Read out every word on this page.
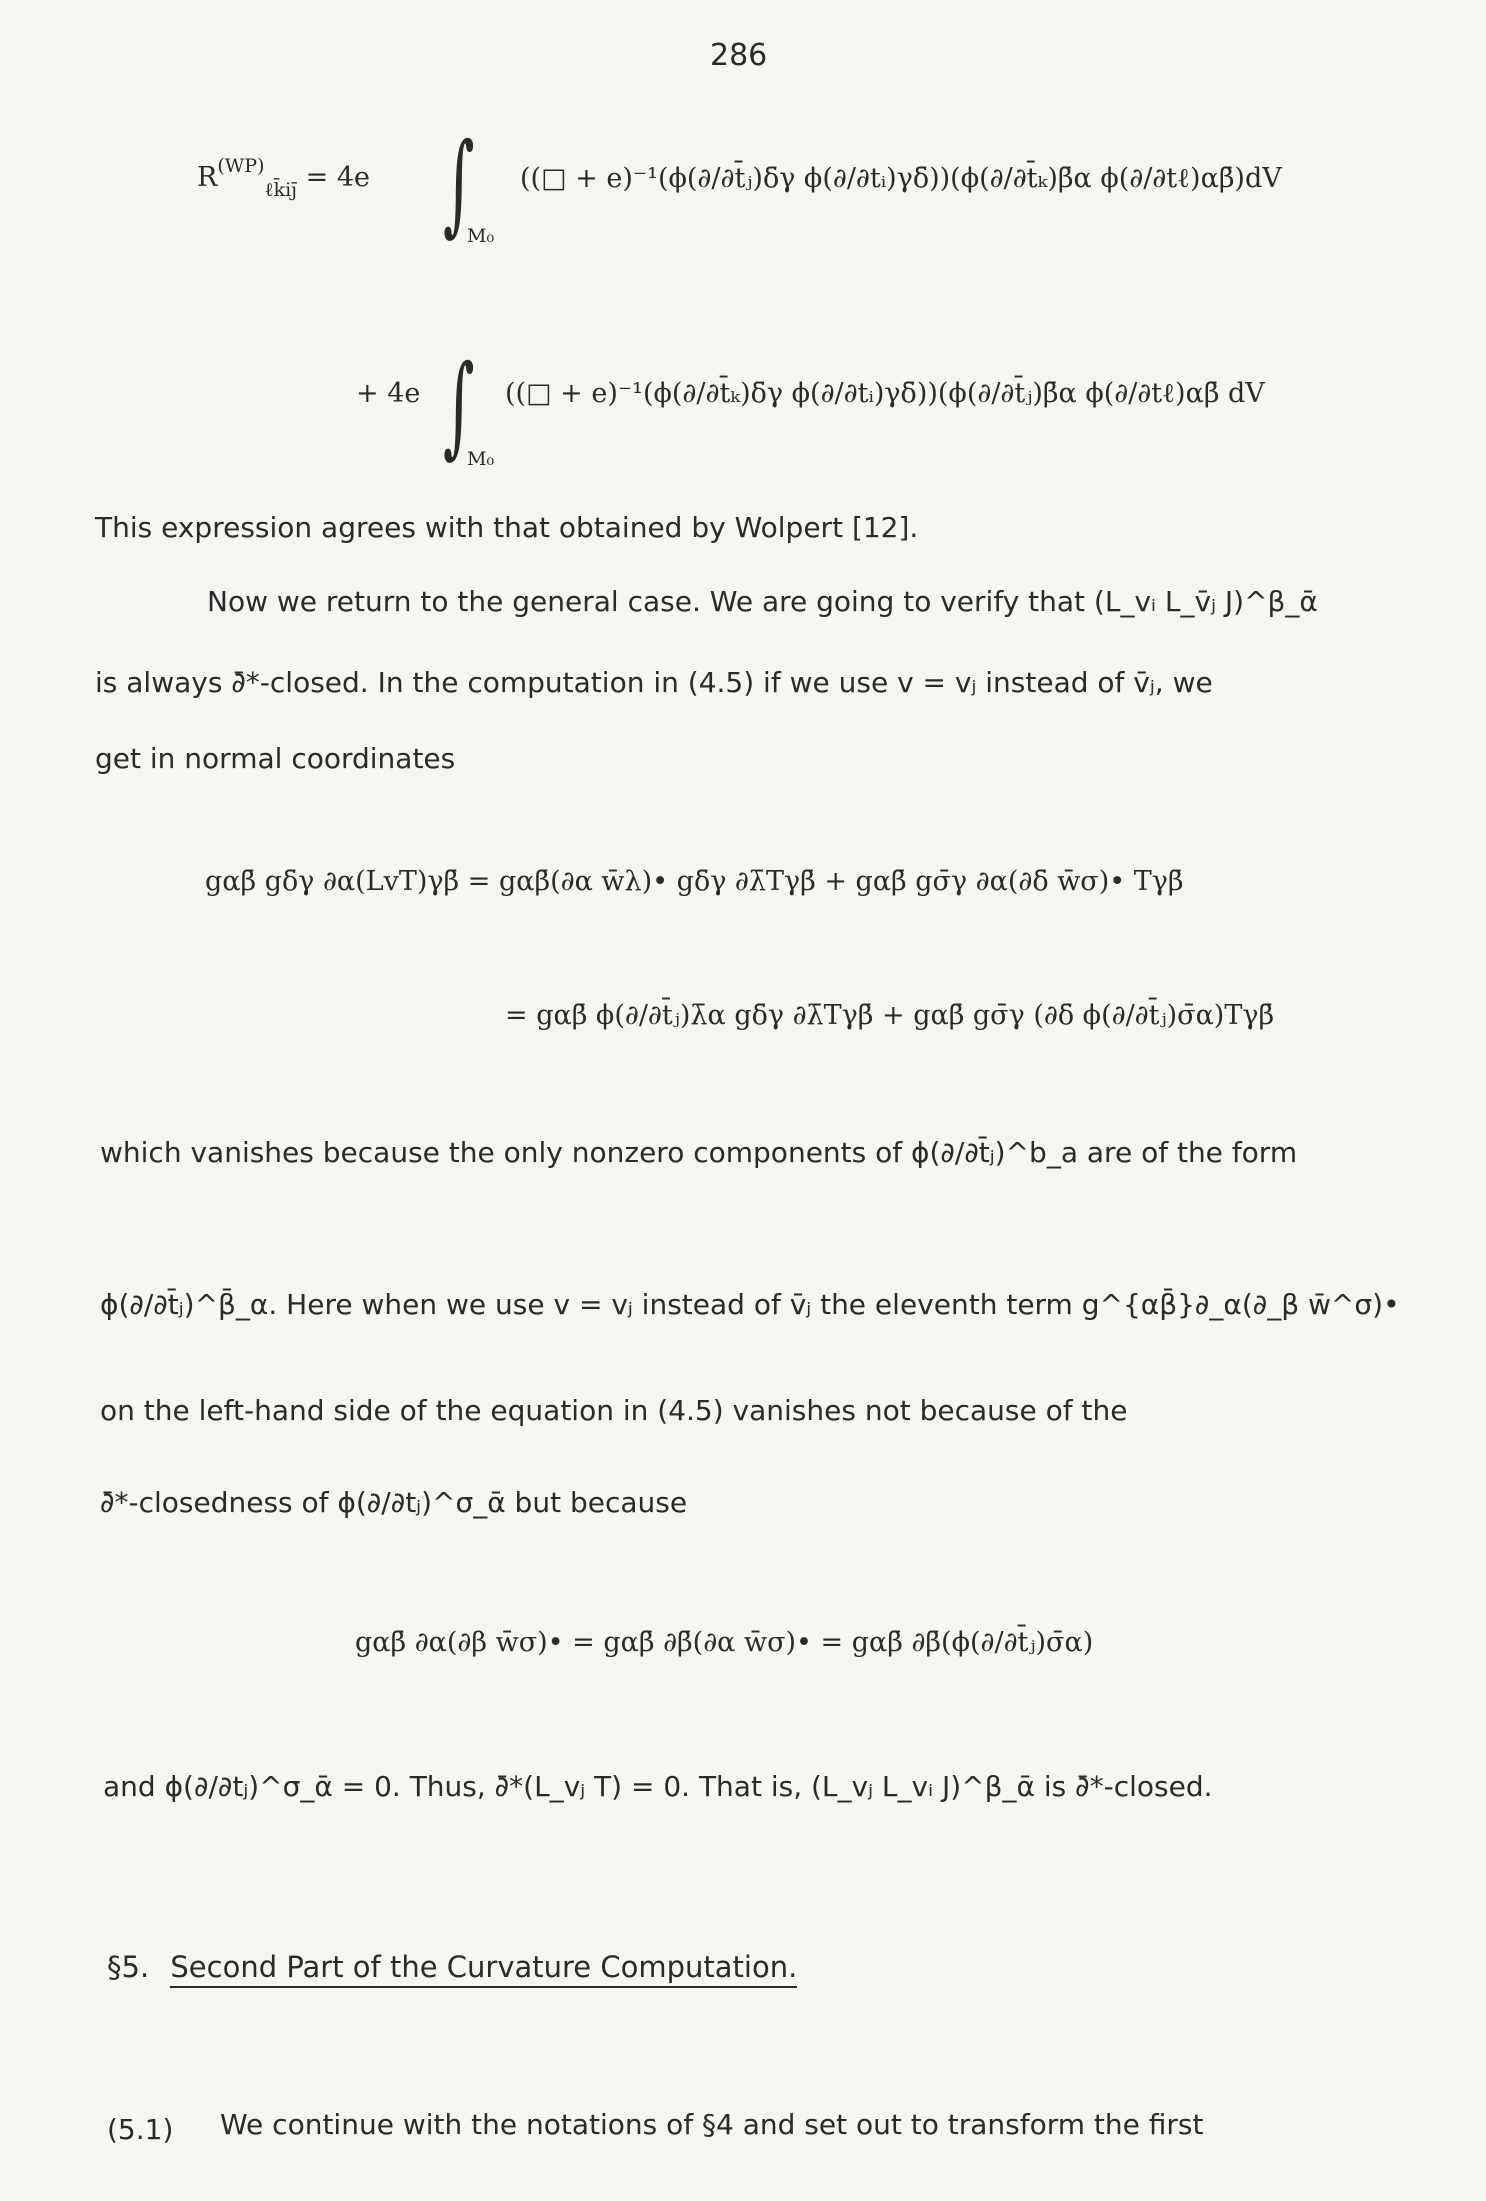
286
$R^{(WP)}_{\ell k̄ij̄} = 4e$ ∫
M₀
((□ + e)⁻¹(ϕ(∂/∂t̄ⱼ)δ̄γ ϕ(∂/∂tᵢ)γδ̄))(ϕ(∂/∂t̄ₖ)β̄α ϕ(∂/∂tℓ)αβ̄)dV
+ 4e ∫
M₀
((□ + e)⁻¹(ϕ(∂/∂t̄ₖ)δ̄γ ϕ(∂/∂tᵢ)γδ̄))(ϕ(∂/∂t̄ⱼ)β̄α ϕ(∂/∂tℓ)αβ̄ dV
This expression agrees with that obtained by Wolpert [12].
Now we return to the general case. We are going to verify that (L_vᵢ L_v̄ⱼ J)^β_ᾱ
is always ∂̄*-closed. In the computation in (4.5) if we use v = vⱼ instead of v̄ⱼ, we
get in normal coordinates
gαβ̄ gδ̄γ ∂α(LvT)γβ̄ = gαβ̄(∂α w̄λ)• gδ̄γ ∂λ̄Tγβ̄ + gαβ̄ gσ̄γ ∂α(∂δ̄ w̄σ)• Tγβ̄
= gαβ̄ ϕ(∂/∂t̄ⱼ)λ̄α gδ̄γ ∂λ̄Tγβ̄ + gαβ̄ gσ̄γ (∂δ̄ ϕ(∂/∂t̄ⱼ)σ̄α)Tγβ̄
which vanishes because the only nonzero components of ϕ(∂/∂t̄ⱼ)^b_a are of the form
ϕ(∂/∂t̄ⱼ)^β̄_α. Here when we use v = vⱼ instead of v̄ⱼ the eleventh term g^{αβ̄}∂_α(∂_β w̄^σ)•
on the left-hand side of the equation in (4.5) vanishes not because of the
∂̄*-closedness of ϕ(∂/∂tⱼ)^σ_ᾱ but because
gαβ̄ ∂α(∂β w̄σ)• = gαβ̄ ∂β̄(∂α w̄σ)• = gαβ̄ ∂β̄(ϕ(∂/∂t̄ⱼ)σ̄α)
and ϕ(∂/∂tⱼ)^σ_ᾱ = 0. Thus, ∂̄*(L_vⱼ T) = 0. That is, (L_vⱼ L_vᵢ J)^β_ᾱ is ∂̄*-closed.
§5. Second Part of the Curvature Computation.
(5.1) We continue with the notations of §4 and set out to transform the first
